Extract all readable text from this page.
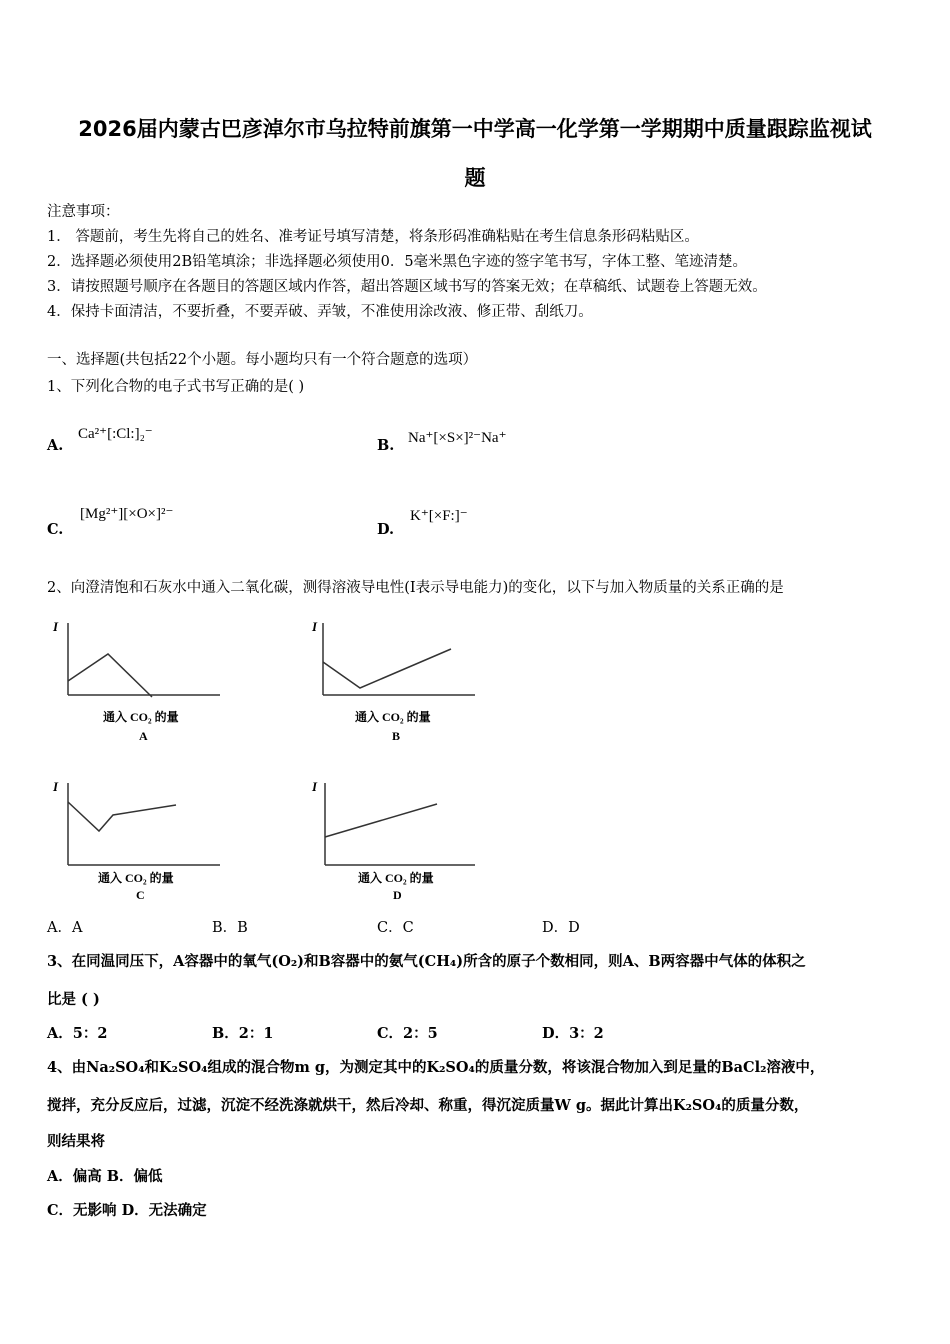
2026届内蒙古巴彦淖尔市乌拉特前旗第一中学高一化学第一学期期中质量跟踪监视试
题
注意事项：
1． 答题前，考生先将自己的姓名、准考证号填写清楚，将条形码准确粘贴在考生信息条形码粘贴区。
2．选择题必须使用2B铅笔填涂；非选择题必须使用0．5毫米黑色字迹的签字笔书写，字体工整、笔迹清楚。
3．请按照题号顺序在各题目的答题区域内作答，超出答题区域书写的答案无效；在草稿纸、试题卷上答题无效。
4．保持卡面清洁，不要折叠，不要弄破、弄皱，不准使用涂改液、修正带、刮纸刀。
一、选择题(共包括22个小题。每小题均只有一个符合题意的选项）
1、下列化合物的电子式书写正确的是( )
A.
Ca²⁺[:Cl:]₂⁻
B. Na⁺[×S×]²⁻Na⁺
C.
[Mg²⁺][×O×]²⁻
D.
K⁺[×F:]⁻
2、向澄清饱和石灰水中通入二氧化碳，测得溶液导电性(I表示导电能力)的变化，以下与加入物质量的关系正确的是
I
通入 CO₂ 的量
A
I
通入 CO₂ 的量
B
I
通入 CO₂ 的量
C
I
通入 CO₂ 的量
D
A．A	B．B	C．C	D．D
3、在同温同压下，A容器中的氧气(O₂)和B容器中的氨气(CH₄)所含的原子个数相同，则A、B两容器中气体的体积之
比是 ( )
A．5：2	B．2：1	C．2：5	D．3：2
4、由Na₂SO₄和K₂SO₄组成的混合物m g，为测定其中的K₂SO₄的质量分数，将该混合物加入到足量的BaCl₂溶液中，
搅拌，充分反应后，过滤，沉淀不经洗涤就烘干，然后冷却、称重，得沉淀质量W g。据此计算出K₂SO₄的质量分数，
则结果将
A．偏高 B．偏低
C．无影响 D．无法确定
